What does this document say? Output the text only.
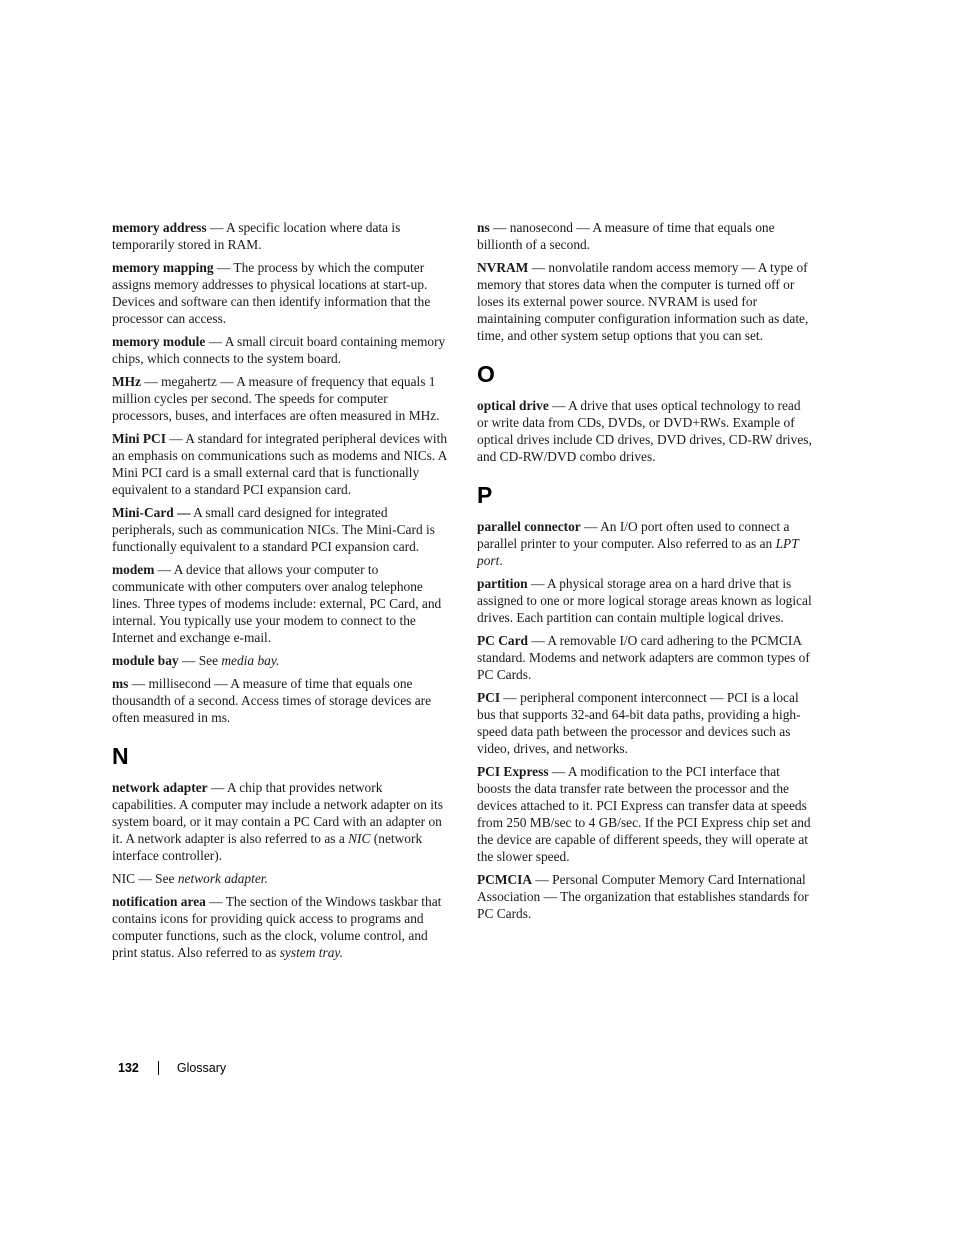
memory address — A specific location where data is temporarily stored in RAM.

memory mapping — The process by which the computer assigns memory addresses to physical locations at start-up. Devices and software can then identify information that the processor can access.

memory module — A small circuit board containing memory chips, which connects to the system board.

MHz — megahertz — A measure of frequency that equals 1 million cycles per second. The speeds for computer processors, buses, and interfaces are often measured in MHz.

Mini PCI — A standard for integrated peripheral devices with an emphasis on communications such as modems and NICs. A Mini PCI card is a small external card that is functionally equivalent to a standard PCI expansion card.

Mini-Card — A small card designed for integrated peripherals, such as communication NICs. The Mini-Card is functionally equivalent to a standard PCI expansion card.

modem — A device that allows your computer to communicate with other computers over analog telephone lines. Three types of modems include: external, PC Card, and internal. You typically use your modem to connect to the Internet and exchange e-mail.

module bay — See media bay.

ms — millisecond — A measure of time that equals one thousandth of a second. Access times of storage devices are often measured in ms.

N

network adapter — A chip that provides network capabilities. A computer may include a network adapter on its system board, or it may contain a PC Card with an adapter on it. A network adapter is also referred to as a NIC (network interface controller).

NIC — See network adapter.

notification area — The section of the Windows taskbar that contains icons for providing quick access to programs and computer functions, such as the clock, volume control, and print status. Also referred to as system tray.

ns — nanosecond — A measure of time that equals one billionth of a second.

NVRAM — nonvolatile random access memory — A type of memory that stores data when the computer is turned off or loses its external power source. NVRAM is used for maintaining computer configuration information such as date, time, and other system setup options that you can set.

O

optical drive — A drive that uses optical technology to read or write data from CDs, DVDs, or DVD+RWs. Example of optical drives include CD drives, DVD drives, CD-RW drives, and CD-RW/DVD combo drives.

P

parallel connector — An I/O port often used to connect a parallel printer to your computer. Also referred to as an LPT port.

partition — A physical storage area on a hard drive that is assigned to one or more logical storage areas known as logical drives. Each partition can contain multiple logical drives.

PC Card — A removable I/O card adhering to the PCMCIA standard. Modems and network adapters are common types of PC Cards.

PCI — peripheral component interconnect — PCI is a local bus that supports 32-and 64-bit data paths, providing a high-speed data path between the processor and devices such as video, drives, and networks.

PCI Express — A modification to the PCI interface that boosts the data transfer rate between the processor and the devices attached to it. PCI Express can transfer data at speeds from 250 MB/sec to 4 GB/sec. If the PCI Express chip set and the device are capable of different speeds, they will operate at the slower speed.

PCMCIA — Personal Computer Memory Card International Association — The organization that establishes standards for PC Cards.

132	Glossary
